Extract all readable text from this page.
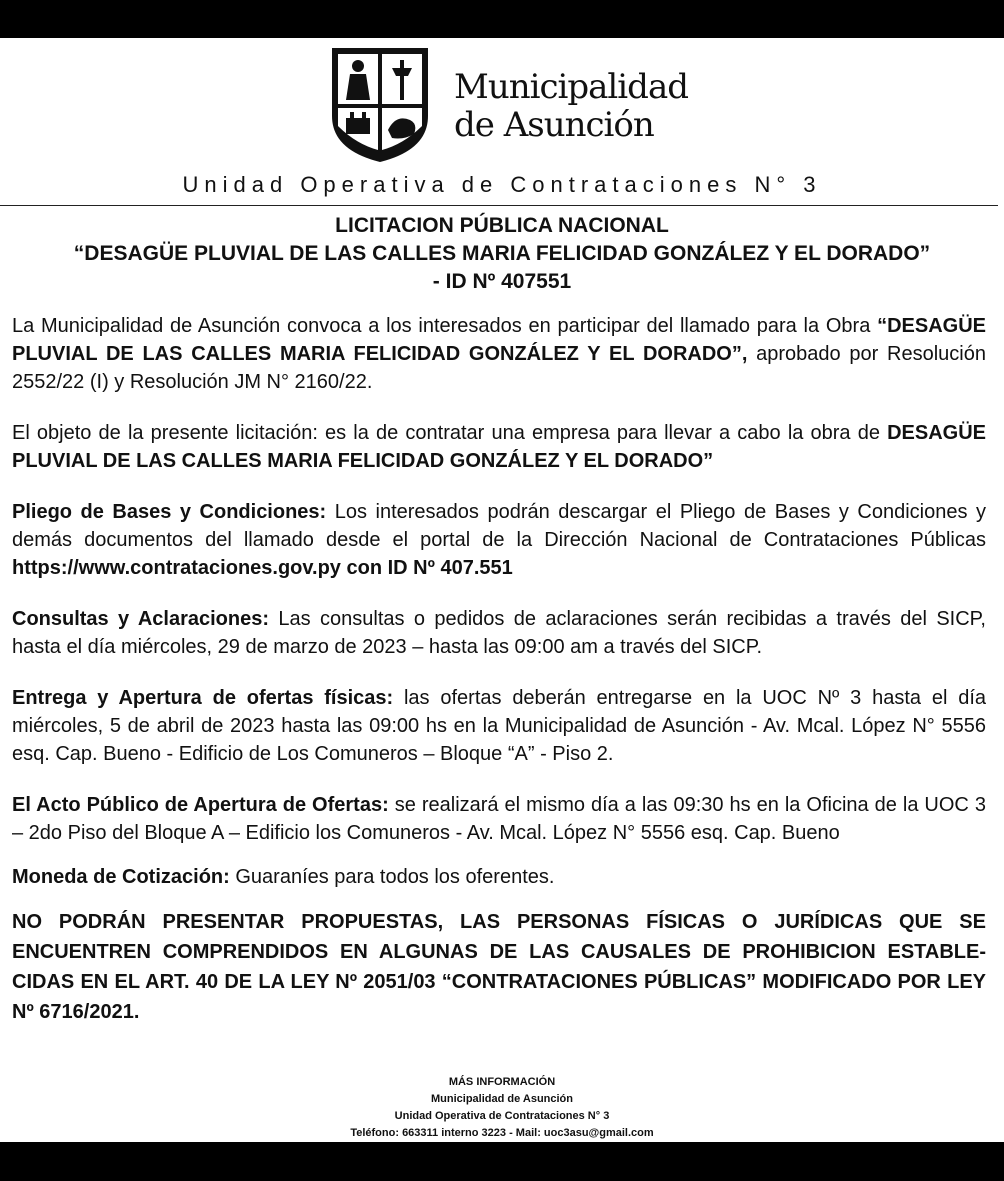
Municipalidad
de Asunción
Unidad Operativa de Contrataciones N° 3
LICITACION PÚBLICA NACIONAL
“DESAGÜE PLUVIAL DE LAS CALLES MARIA FELICIDAD GONZÁLEZ Y EL DORADO”
- ID Nº 407551

La Municipalidad de Asunción convoca a los interesados en participar del llamado para la Obra “DESAGÜE PLUVIAL DE LAS CALLES MARIA FELICIDAD GONZÁLEZ Y EL DORADO”, aprobado por Resolución 2552/22 (I) y Resolución JM N° 2160/22.

El objeto de la presente licitación: es la de contratar una empresa para llevar a cabo la obra de DESAGÜE PLUVIAL DE LAS CALLES MARIA FELICIDAD GONZÁLEZ Y EL DORADO”

Pliego de Bases y Condiciones: Los interesados podrán descargar el Pliego de Bases y Condiciones y demás documentos del llamado desde el portal de la Dirección Nacional de Contrataciones Públicas https://www.contrataciones.gov.py con ID Nº 407.551

Consultas y Aclaraciones: Las consultas o pedidos de aclaraciones serán recibidas a través del SICP, hasta el día miércoles, 29 de marzo de 2023 – hasta las 09:00 am a través del SICP.

Entrega y Apertura de ofertas físicas: las ofertas deberán entregarse en la UOC Nº 3 hasta el día miércoles, 5 de abril de 2023 hasta las 09:00 hs en la Municipalidad de Asunción - Av. Mcal. López N° 5556 esq. Cap. Bueno - Edificio de Los Comuneros – Bloque “A” - Piso 2.

El Acto Público de Apertura de Ofertas: se realizará el mismo día a las 09:30 hs en la Oficina de la UOC 3 – 2do Piso del Bloque A – Edificio los Comuneros - Av. Mcal. López N° 5556 esq. Cap. Bueno

Moneda de Cotización: Guaraníes para todos los oferentes.

NO PODRÁN PRESENTAR PROPUESTAS, LAS PERSONAS FÍSICAS O JURÍDICAS QUE SE ENCUENTREN COMPRENDIDOS EN ALGUNAS DE LAS CAUSALES DE PROHIBICION ESTABLE-CIDAS EN EL ART. 40 DE LA LEY Nº 2051/03 “CONTRATACIONES PÚBLICAS” MODIFICADO POR LEY Nº 6716/2021.

MÁS INFORMACIÓN
Municipalidad de Asunción
Unidad Operativa de Contrataciones N° 3
Teléfono: 663311 interno 3223 - Mail: uoc3asu@gmail.com
